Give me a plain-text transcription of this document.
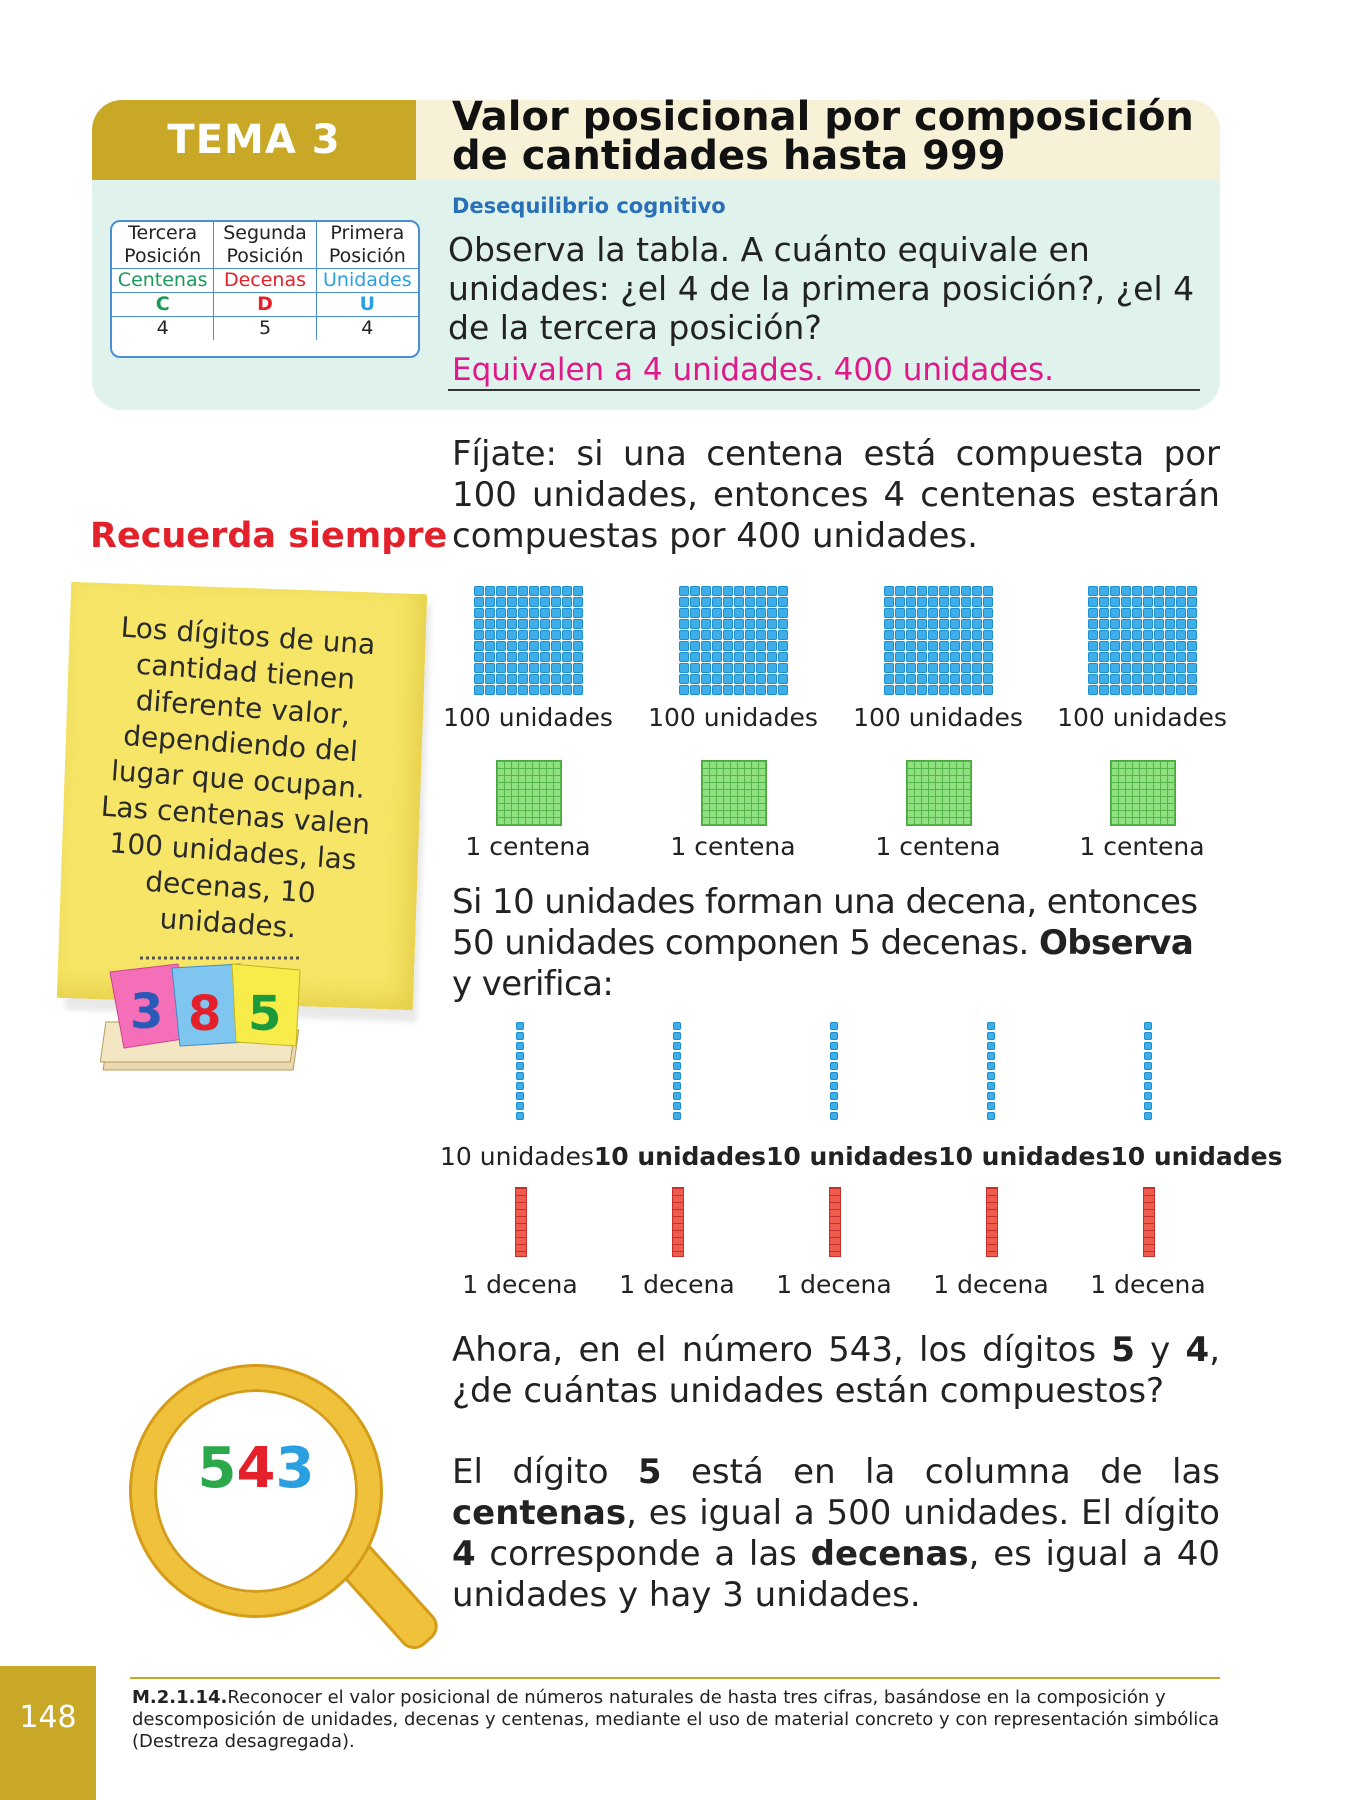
TEMA 3	Valor posicional por composición de cantidades hasta 999
Desequilibrio cognitivo
Observa la tabla. A cuánto equivale en unidades: ¿el 4 de la primera posición?, ¿el 4 de la tercera posición?
Equivalen a 4 unidades. 400 unidades.
Tercera	Segunda	Primera
Posición	Posición	Posición
Centenas Decenas Unidades
C	D	U
4	5	4
Fíjate: si una centena está compuesta por 100 unidades, entonces 4 centenas estarán compuestas por 400 unidades.
Recuerda siempre
Los dígitos de una cantidad tienen diferente valor, dependiendo del lugar que ocupan. Las centenas valen 100 unidades, las decenas, 10 unidades.
3 8 5
100 unidades	100 unidades	100 unidades	100 unidades
1 centena	1 centena	1 centena	1 centena
Si 10 unidades forman una decena, entonces 50 unidades componen 5 decenas. Observa y verifica:
10 unidades10 unidades10 unidades10 unidades10 unidades
1 decena	1 decena	1 decena	1 decena	1 decena
Ahora, en el número 543, los dígitos 5 y 4, ¿de cuántas unidades están compuestos?
El dígito 5 está en la columna de las centenas, es igual a 500 unidades. El dígito 4 corresponde a las decenas, es igual a 40 unidades y hay 3 unidades.
543
M.2.1.14.Reconocer el valor posicional de números naturales de hasta tres cifras, basándose en la composición y descomposición de unidades, decenas y centenas, mediante el uso de material concreto y con representación simbólica (Destreza desagregada).
148
